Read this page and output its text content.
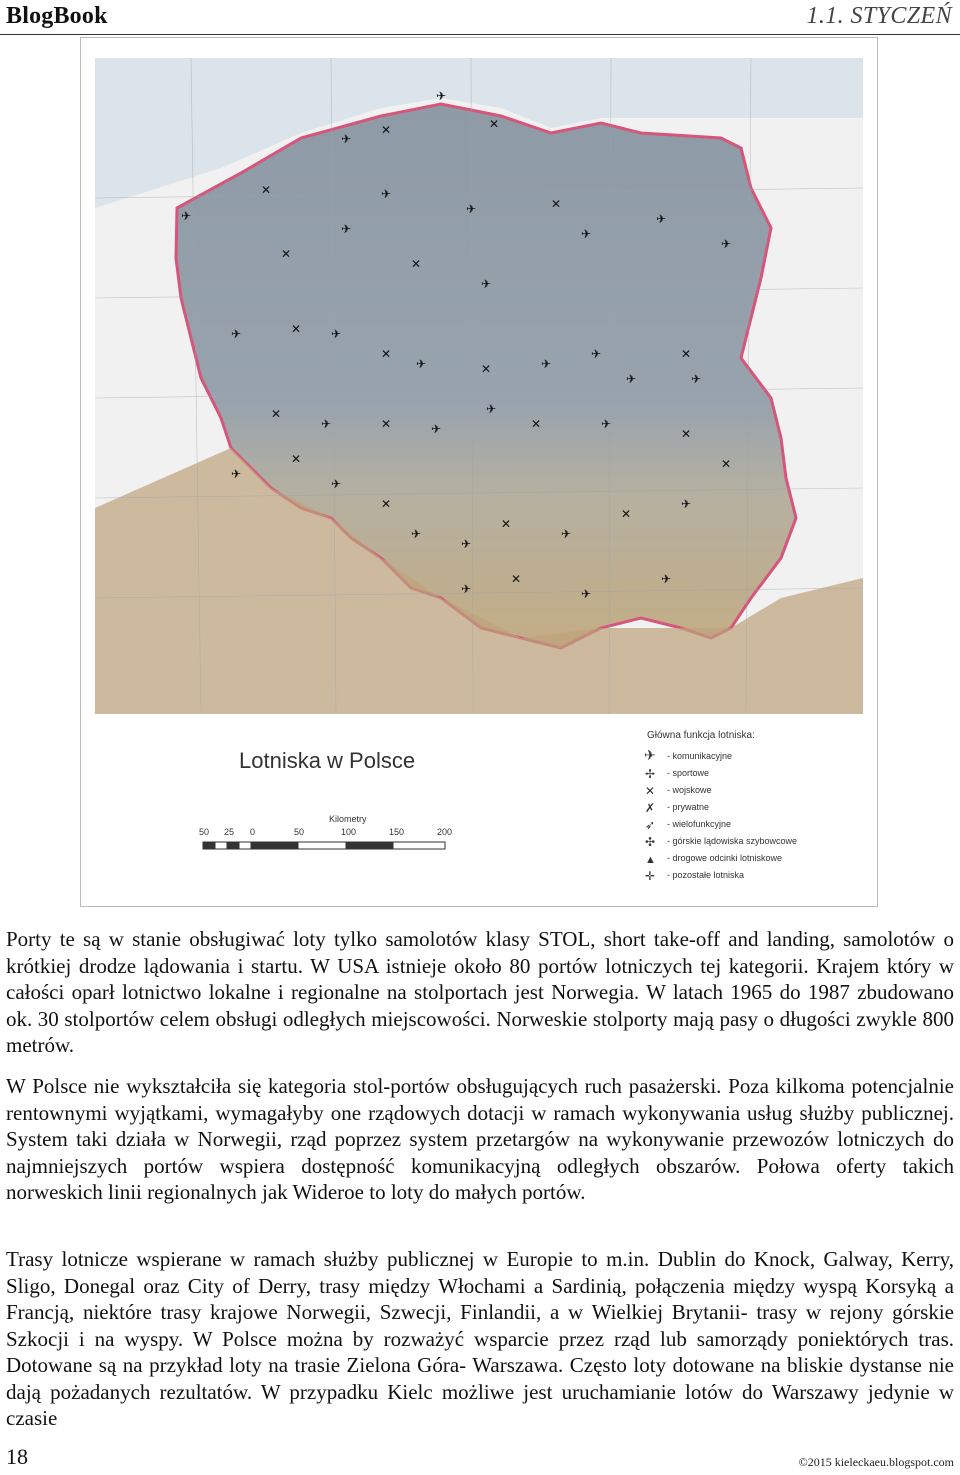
BlogBook	1.1. STYCZEŃ
✈
✕
✈
✕
✈
✕
✈
✈
✕
✈
✕
✈
✕
✈
✈
✈
✈	✕ ✈
✕
✈	✕	✈
✈
✈
✕
✈
✕
✈	✕	✈
✈
✕	✈
✕
✈
✕
✈
✕
✈
✈
✕
✈
✕
✈
✕
✈
✕
✈
✈
Lotniska w Polsce
Kilometry
50 25 0	50	100	150	200
Główna funkcja lotniska:
✈ - komunikacyjne
✢ - sportowe
✕ - wojskowe
✗ - prywatne
➶ - wielofunkcyjne
✣ - górskie lądowiska szybowcowe
▲ - drogowe odcinki lotniskowe
✛ - pozostałe lotniska

Porty te są w stanie obsługiwać loty tylko samolotów klasy STOL, short take-off and landing, samolotów o krótkiej drodze lądowania i startu. W USA istnieje około 80 portów lotniczych tej kategorii. Krajem który w całości oparł lotnictwo lokalne i regionalne na stolportach jest Norwegia. W latach 1965 do 1987 zbudowano ok. 30 stolportów celem obsługi odległych miejscowości. Norweskie stolporty mają pasy o długości zwykle 800 metrów.

W Polsce nie wykształciła się kategoria stol-portów obsługujących ruch pasażerski. Poza kilkoma potencjalnie rentownymi wyjątkami, wymagałyby one rządowych dotacji w ramach wykonywania usług służby publicznej. System taki działa w Norwegii, rząd poprzez system przetargów na wykonywanie przewozów lotniczych do najmniejszych portów wspiera dostępność komunikacyjną odległych obszarów. Połowa oferty takich norweskich linii regionalnych jak Wideroe to loty do małych portów.

Trasy lotnicze wspierane w ramach służby publicznej w Europie to m.in. Dublin do Knock, Galway, Kerry, Sligo, Donegal oraz City of Derry, trasy między Włochami a Sardinią, połączenia między wyspą Korsyką a Francją, niektóre trasy krajowe Norwegii, Szwecji, Finlandii, a w Wielkiej Brytanii- trasy w rejony górskie Szkocji i na wyspy. W Polsce można by rozważyć wsparcie przez rząd lub samorządy poniektórych tras. Dotowane są na przykład loty na trasie Zielona Góra- Warszawa. Często loty dotowane na bliskie dystanse nie dają pożadanych rezultatów. W przypadku Kielc możliwe jest uruchamianie lotów do Warszawy jedynie w czasie

18	©2015 kieleckaeu.blogspot.com
